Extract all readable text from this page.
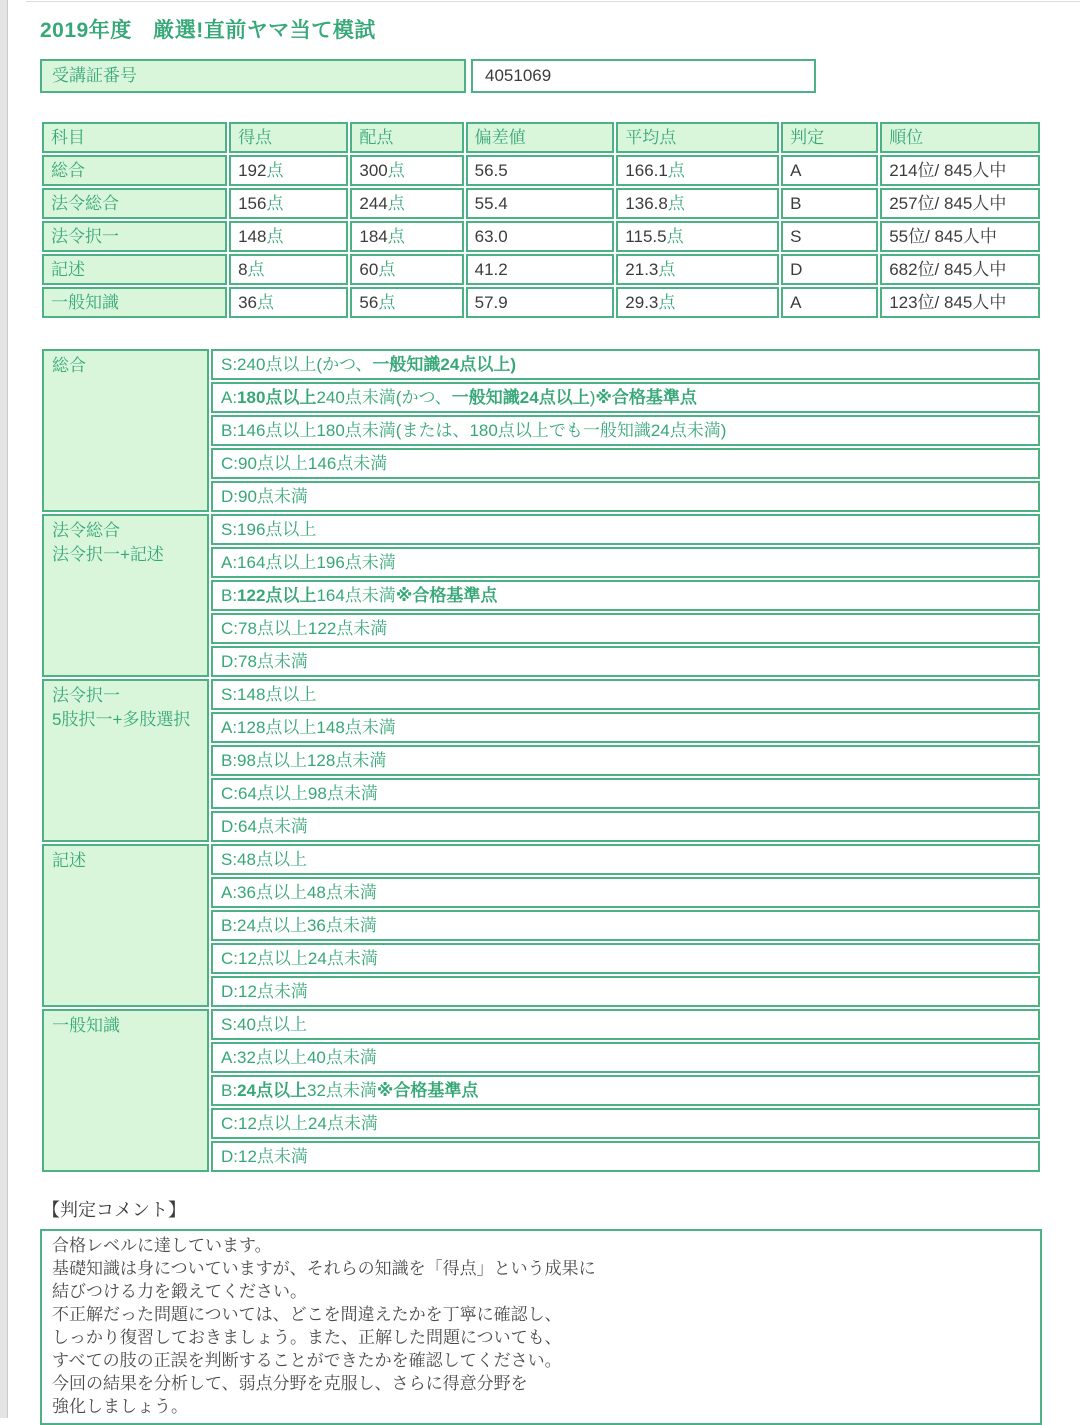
2019年度　厳選!直前ヤマ当て模試
受講証番号	4051069
科目	得点	配点	偏差値	平均点	判定	順位
総合	192点	300点	56.5	166.1点	A	214位/ 845人中
法令総合	156点	244点	55.4	136.8点	B	257位/ 845人中
法令択一	148点	184点	63.0	115.5点	S	55位/ 845人中
記述	8点	60点	41.2	21.3点	D	682位/ 845人中
一般知識	36点	56点	57.9	29.3点	A	123位/ 845人中
総合	S:240点以上(かつ、一般知識24点以上)
	A:180点以上240点未満(かつ、一般知識24点以上)※合格基準点
	B:146点以上180点未満(または、180点以上でも一般知識24点未満)
	C:90点以上146点未満
	D:90点未満

法令総合
法令択一+記述	S:196点以上
	A:164点以上196点未満
	B:122点以上164点未満※合格基準点
	C:78点以上122点未満
	D:78点未満

法令択一
5肢択一+多肢選択	S:148点以上
	A:128点以上148点未満
	B:98点以上128点未満
	C:64点以上98点未満
	D:64点未満

記述	S:48点以上
	A:36点以上48点未満
	B:24点以上36点未満
	C:12点以上24点未満
	D:12点未満

一般知識	S:40点以上
	A:32点以上40点未満
	B:24点以上32点未満※合格基準点
	C:12点以上24点未満
	D:12点未満
【判定コメント】
合格レベルに達しています。
基礎知識は身についていますが、それらの知識を「得点」という成果に
結びつける力を鍛えてください。
不正解だった問題については、どこを間違えたかを丁寧に確認し、
しっかり復習しておきましょう。また、正解した問題についても、
すべての肢の正誤を判断することができたかを確認してください。
今回の結果を分析して、弱点分野を克服し、さらに得意分野を
強化しましょう。
